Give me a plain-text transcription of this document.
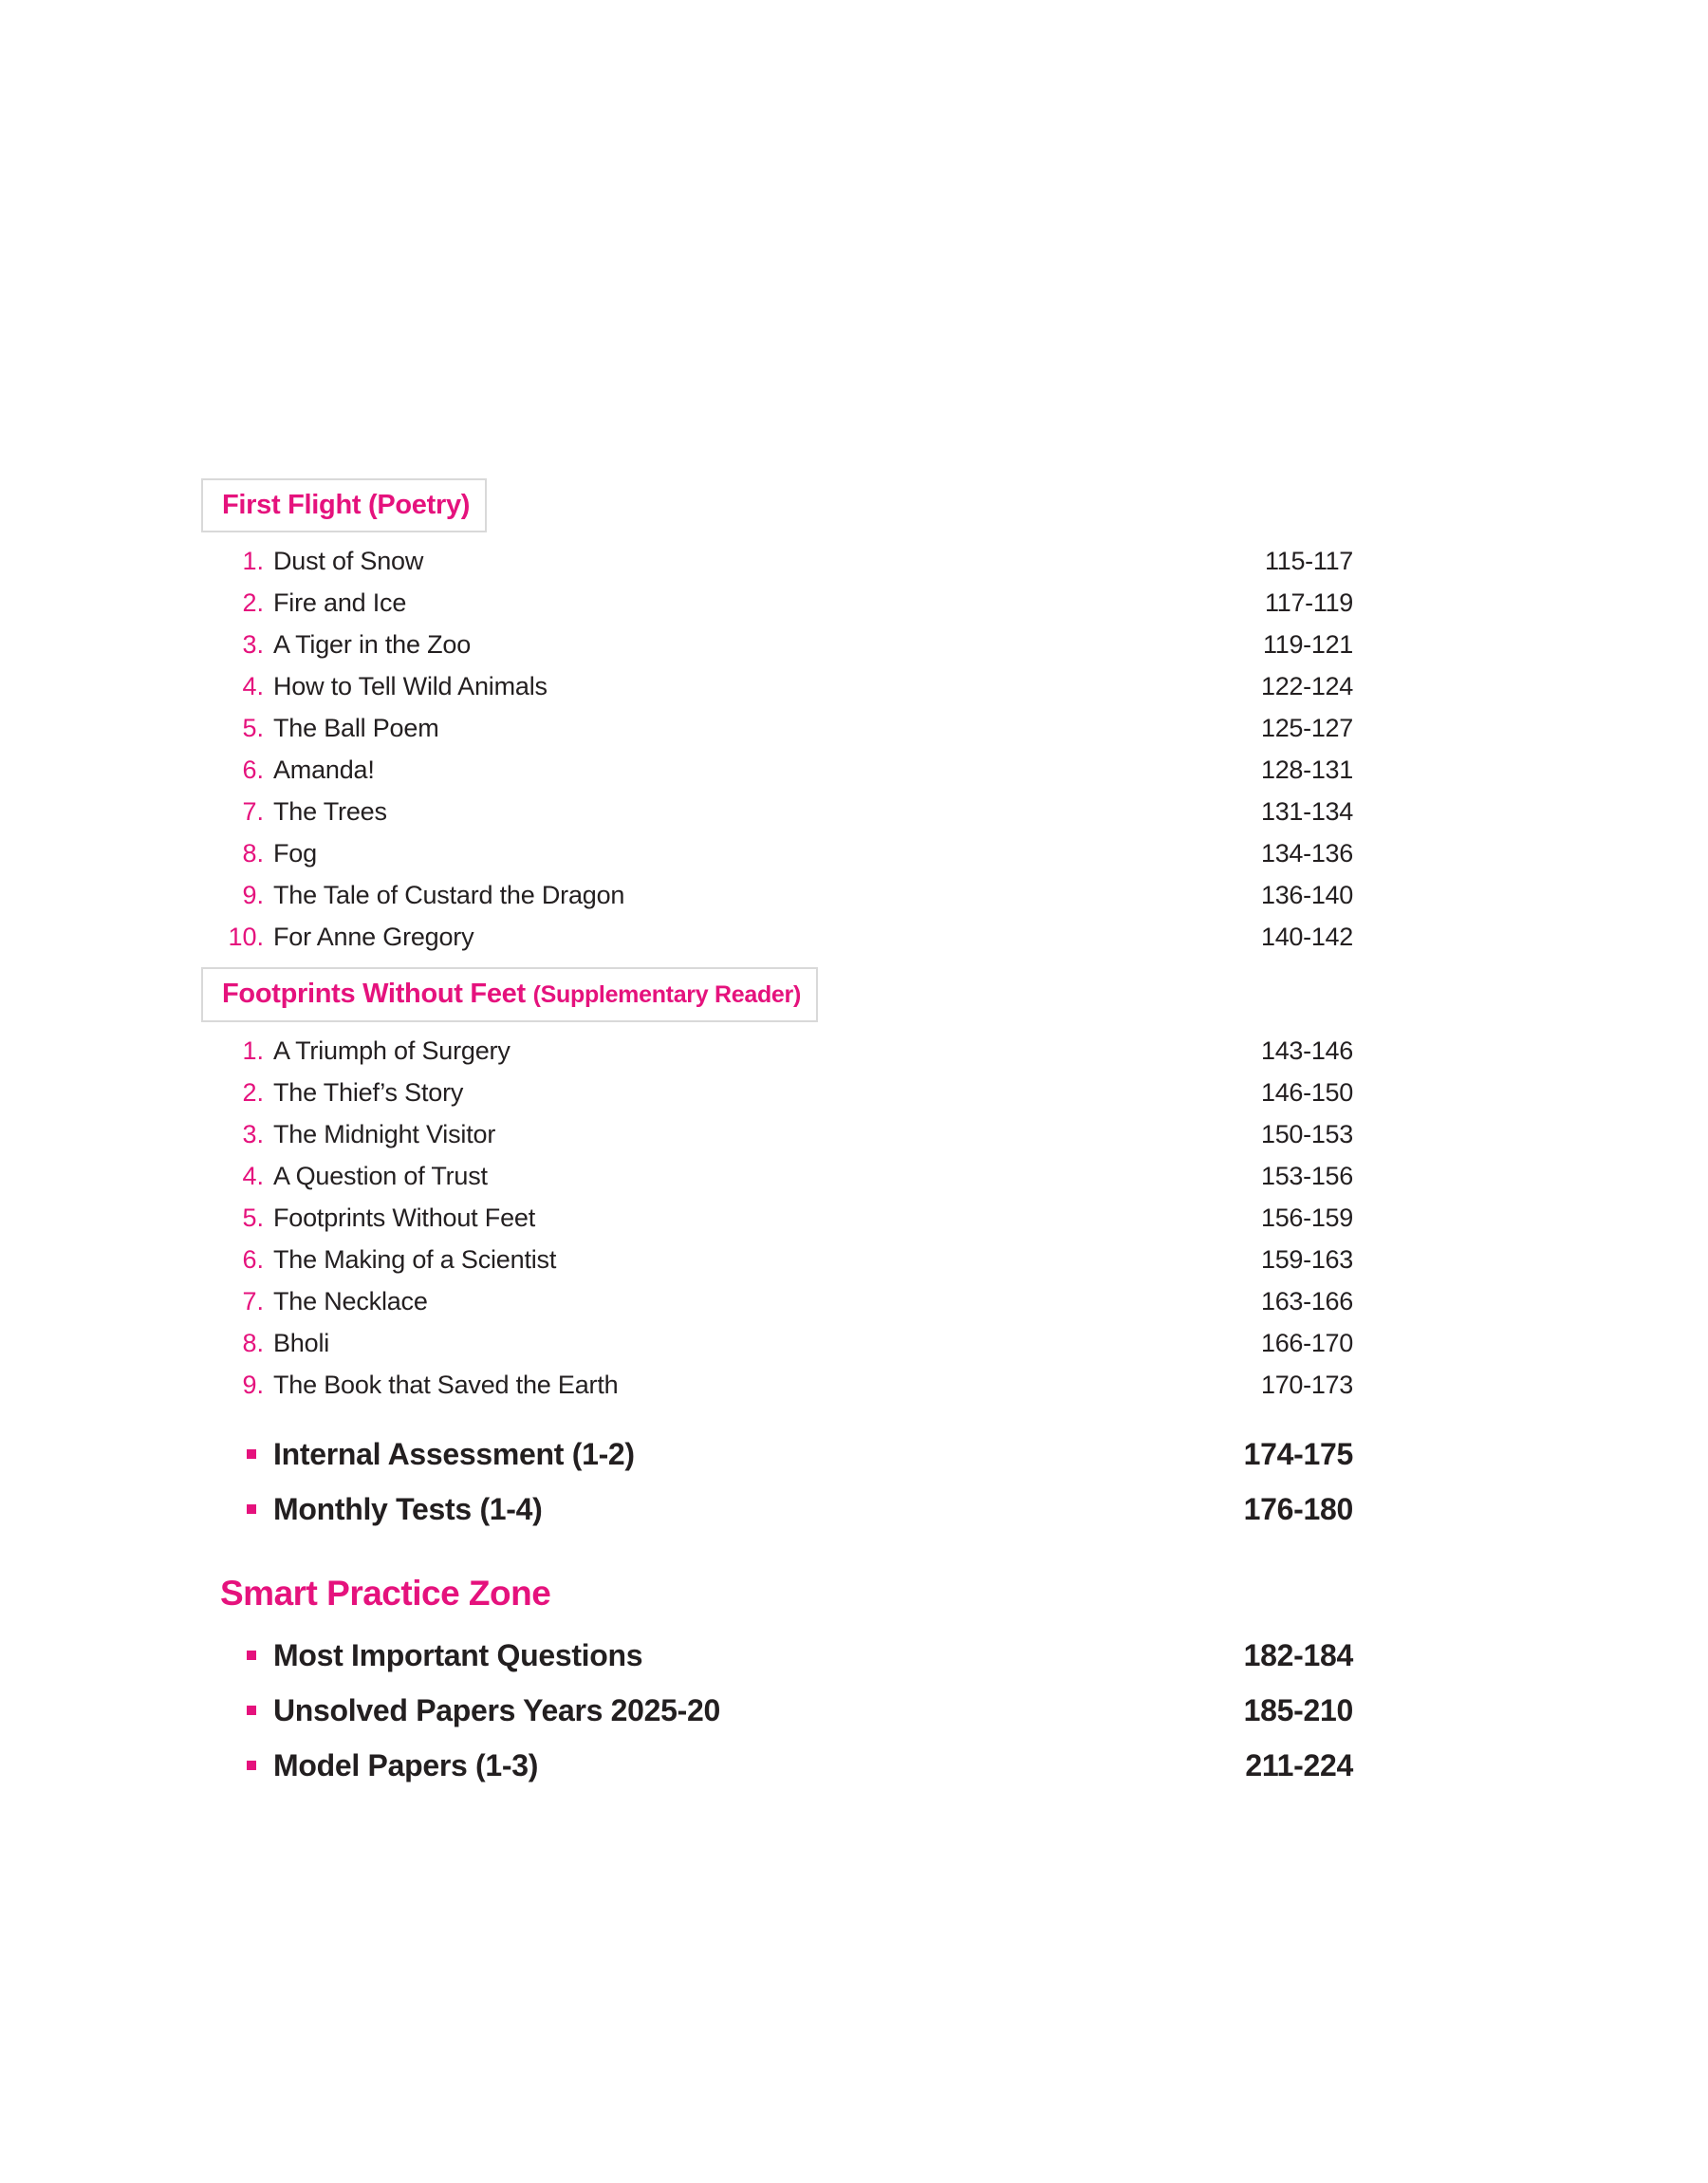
First Flight (Poetry)
1. Dust of Snow	115-117
2. Fire and Ice	117-119
3. A Tiger in the Zoo	119-121
4. How to Tell Wild Animals	122-124
5. The Ball Poem	125-127
6. Amanda!	128-131
7. The Trees	131-134
8. Fog	134-136
9. The Tale of Custard the Dragon	136-140
10. For Anne Gregory	140-142
Footprints Without Feet (Supplementary Reader)
1. A Triumph of Surgery	143-146
2. The Thief’s Story	146-150
3. The Midnight Visitor	150-153
4. A Question of Trust	153-156
5. Footprints Without Feet	156-159
6. The Making of a Scientist	159-163
7. The Necklace	163-166
8. Bholi	166-170
9. The Book that Saved the Earth	170-173
Internal Assessment (1-2)	174-175
Monthly Tests (1-4)	176-180
Smart Practice Zone
Most Important Questions	182-184
Unsolved Papers Years 2025-20	185-210
Model Papers (1-3)	211-224
